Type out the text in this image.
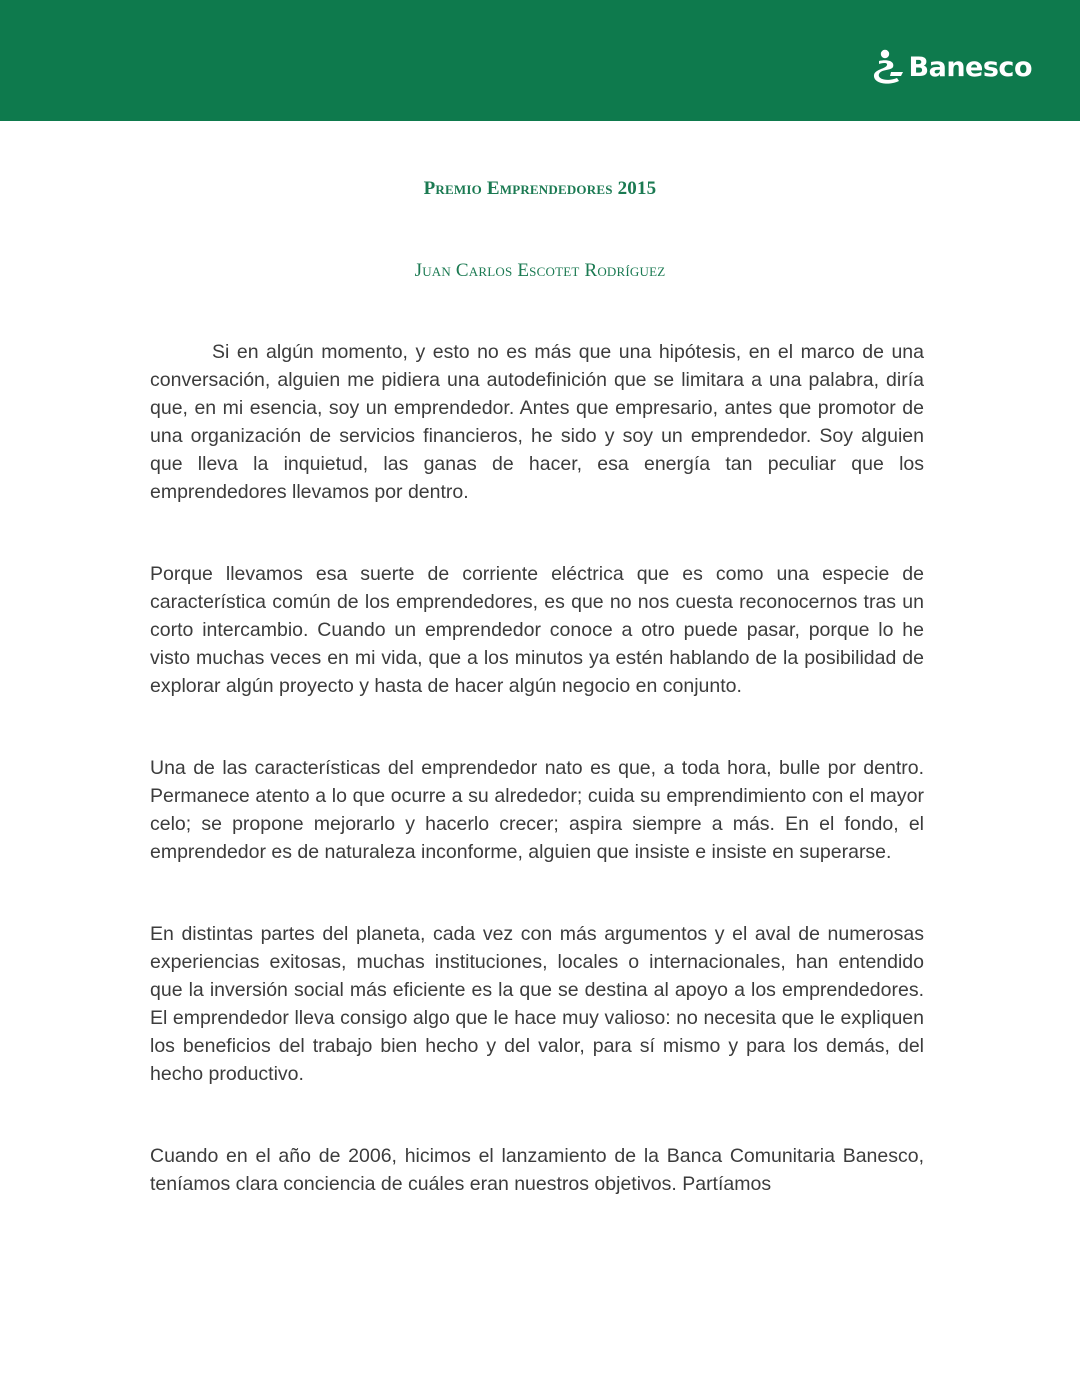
Banesco
Premio Emprendedores 2015
Juan Carlos Escotet Rodríguez

Si en algún momento, y esto no es más que una hipótesis, en el marco de una conversación, alguien me pidiera una autodefinición que se limitara a una palabra, diría que, en mi esencia, soy un emprendedor. Antes que empresario, antes que promotor de una organización de servicios financieros, he sido y soy un emprendedor. Soy alguien que lleva la inquietud, las ganas de hacer, esa energía tan peculiar que los emprendedores llevamos por dentro.

Porque llevamos esa suerte de corriente eléctrica que es como una especie de característica común de los emprendedores, es que no nos cuesta reconocernos tras un corto intercambio. Cuando un emprendedor conoce a otro puede pasar, porque lo he visto muchas veces en mi vida, que a los minutos ya estén hablando de la posibilidad de explorar algún proyecto y hasta de hacer algún negocio en conjunto.

Una de las características del emprendedor nato es que, a toda hora, bulle por dentro. Permanece atento a lo que ocurre a su alrededor; cuida su emprendimiento con el mayor celo; se propone mejorarlo y hacerlo crecer; aspira siempre a más. En el fondo, el emprendedor es de naturaleza inconforme, alguien que insiste e insiste en superarse.

En distintas partes del planeta, cada vez con más argumentos y el aval de numerosas experiencias exitosas, muchas instituciones, locales o internacionales, han entendido que la inversión social más eficiente es la que se destina al apoyo a los emprendedores. El emprendedor lleva consigo algo que le hace muy valioso: no necesita que le expliquen los beneficios del trabajo bien hecho y del valor, para sí mismo y para los demás, del hecho productivo.

Cuando en el año de 2006, hicimos el lanzamiento de la Banca Comunitaria Banesco, teníamos clara conciencia de cuáles eran nuestros objetivos. Partíamos
